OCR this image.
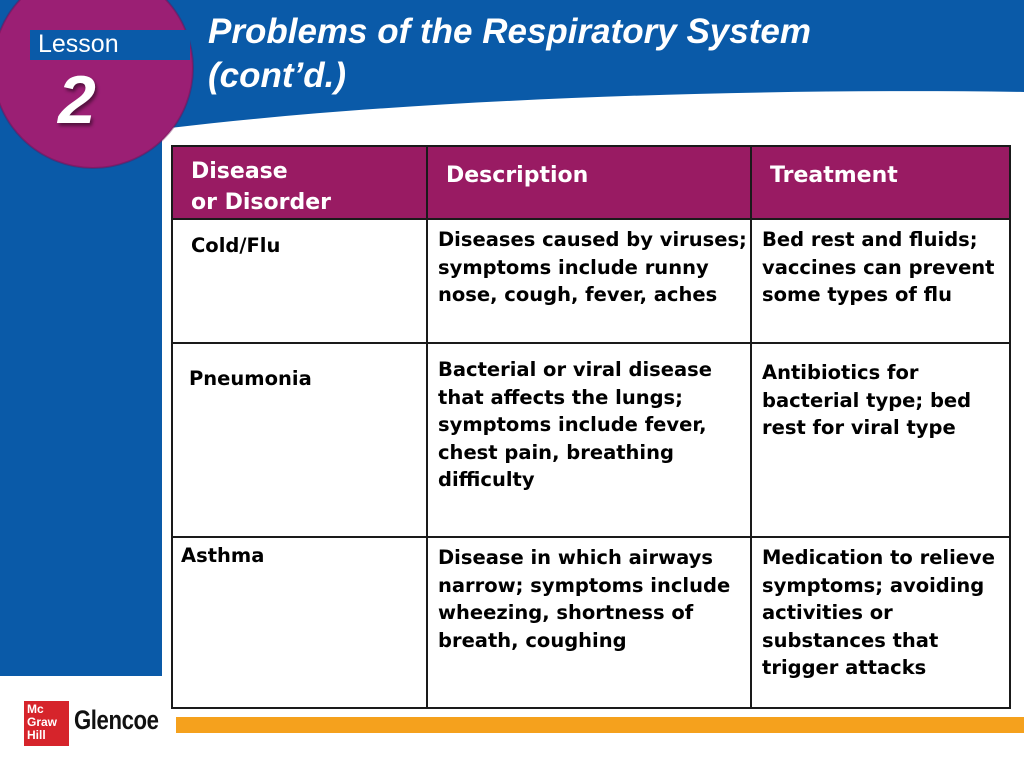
Lesson
2
Problems of the Respiratory System
(cont’d.)
Disease
or Disorder	Description	Treatment

Cold/Flu	Diseases caused by viruses; symptoms include runny nose, cough, fever, aches	Bed rest and fluids; vaccines can prevent some types of flu

Pneumonia	Bacterial or viral disease that affects the lungs; symptoms include fever, chest pain, breathing difficulty	Antibiotics for bacterial type; bed rest for viral type

Asthma	Disease in which airways narrow; symptoms include wheezing, shortness of breath, coughing	Medication to relieve symptoms; avoiding activities or substances that trigger attacks
Mc
Graw
Hill	Glencoe
